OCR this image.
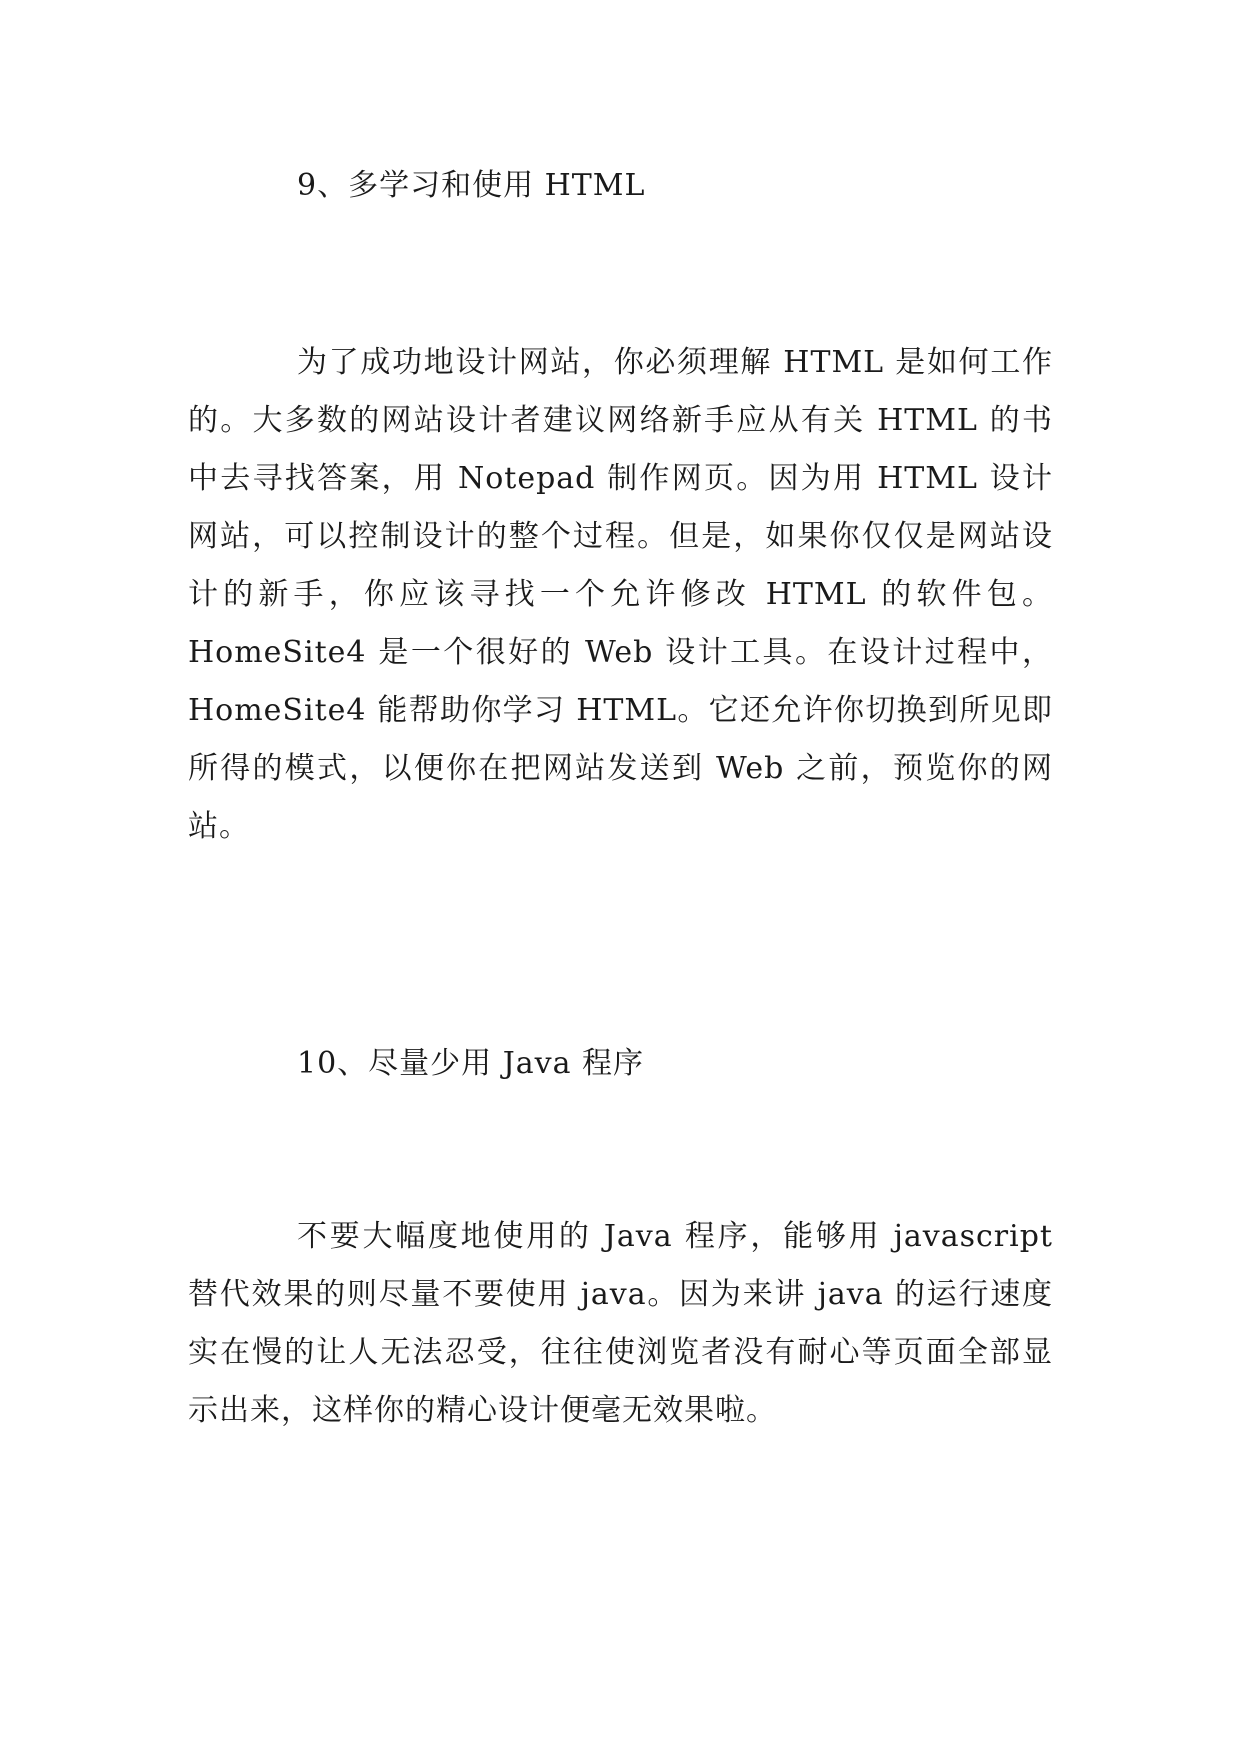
9、多学习和使用 HTML
为了成功地设计网站，你必须理解 HTML 是如何工作的。大多数的网站设计者建议网络新手应从有关 HTML 的书中去寻找答案，用 Notepad 制作网页。因为用 HTML 设计网站，可以控制设计的整个过程。但是，如果你仅仅是网站设计的新手，你应该寻找一个允许修改 HTML 的软件包。HomeSite4 是一个很好的 Web 设计工具。在设计过程中，HomeSite4 能帮助你学习 HTML。它还允许你切换到所见即所得的模式，以便你在把网站发送到 Web 之前，预览你的网站。
10、尽量少用 Java 程序
不要大幅度地使用的 Java 程序，能够用 javascript 替代效果的则尽量不要使用 java。因为来讲 java 的运行速度实在慢的让人无法忍受，往往使浏览者没有耐心等页面全部显示出来，这样你的精心设计便毫无效果啦。
